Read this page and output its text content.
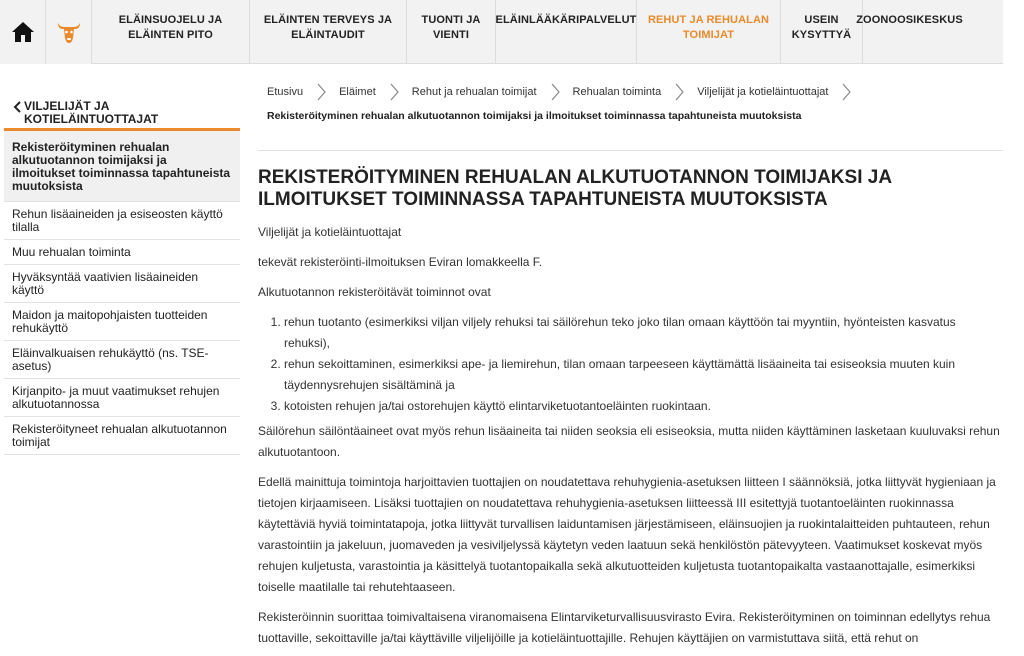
ELÄINSUOJELU JA
ELÄINTEN PITO
ELÄINTEN TERVEYS JA
ELÄINTAUDIT
TUONTI JA
VIENTI
ELÄINLÄÄKÄRIPALVELUT	REHUT JA REHUALAN
TOIMIJAT
USEIN
KYSYTTYÄ
ZOONOOSIKESKUS
VILJELIJÄT JA KOTIELÄINTUOTTAJAT
Rekisteröityminen rehualan alkutuotannon toimijaksi ja ilmoitukset toiminnassa tapahtuneista muutoksista
Rehun lisäaineiden ja esiseosten käyttö tilalla
Muu rehualan toiminta
Hyväksyntää vaativien lisäaineiden käyttö
Maidon ja maitopohjaisten tuotteiden rehukäyttö
Eläinvalkuaisen rehukäyttö (ns. TSE-asetus)
Kirjanpito- ja muut vaatimukset rehujen alkutuotannossa
Rekisteröityneet rehualan alkutuotannon toimijat
Etusivu	Eläimet	Rehut ja rehualan toimijat	Rehualan toiminta	Viljelijät ja kotieläintuottajat
Rekisteröityminen rehualan alkutuotannon toimijaksi ja ilmoitukset toiminnassa tapahtuneista muutoksista
REKISTERÖITYMINEN REHUALAN ALKUTUOTANNON TOIMIJAKSI JA ILMOITUKSET TOIMINNASSA TAPAHTUNEISTA MUUTOKSISTA
Viljelijät ja kotieläintuottajat
tekevät rekisteröinti-ilmoituksen Eviran lomakkeella F.
Alkutuotannon rekisteröitävät toiminnot ovat
1. rehun tuotanto (esimerkiksi viljan viljely rehuksi tai säilörehun teko joko tilan omaan käyttöön tai myyntiin, hyönteisten kasvatus rehuksi),
2. rehun sekoittaminen, esimerkiksi ape- ja liemirehun, tilan omaan tarpeeseen käyttämättä lisäaineita tai esiseoksia muuten kuin täydennysrehujen sisältäminä ja
3. kotoisten rehujen ja/tai ostorehujen käyttö elintarviketuotantoeläinten ruokintaan.
Säilörehun säilöntäaineet ovat myös rehun lisäaineita tai niiden seoksia eli esiseoksia, mutta niiden käyttäminen lasketaan kuuluvaksi rehun alkutuotantoon.
Edellä mainittuja toimintoja harjoittavien tuottajien on noudatettava rehuhygienia-asetuksen liitteen I säännöksiä, jotka liittyvät hygieniaan ja tietojen kirjaamiseen. Lisäksi tuottajien on noudatettava rehuhygienia-asetuksen liitteessä III esitettyjä tuotantoeläinten ruokinnassa käytettäviä hyviä toimintatapoja, jotka liittyvät turvallisen laiduntamisen järjestämiseen, eläinsuojien ja ruokintalaitteiden puhtauteen, rehun varastointiin ja jakeluun, juomaveden ja vesiviljelyssä käytetyn veden laatuun sekä henkilöstön pätevyyteen. Vaatimukset koskevat myös rehujen kuljetusta, varastointia ja käsittelyä tuotantopaikalla sekä alkutuotteiden kuljetusta tuotantopaikalta vastaanottajalle, esimerkiksi toiselle maatilalle tai rehutehtaaseen.
Rekisteröinnin suorittaa toimivaltaisena viranomaisena Elintarviketurvallisuusvirasto Evira. Rekisteröityminen on toiminnan edellytys rehua tuottaville, sekoittaville ja/tai käyttäville viljelijöille ja kotieläintuottajille. Rehujen käyttäjien on varmistuttava siitä, että rehut on
